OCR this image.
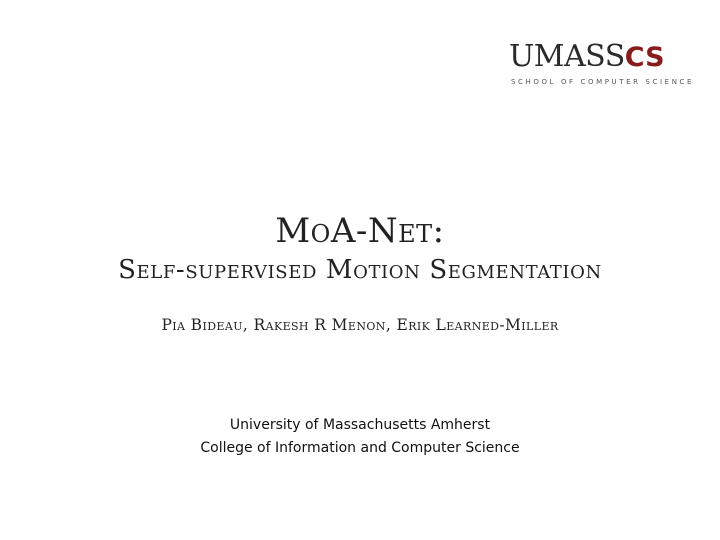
UMASSCS
SCHOOL OF COMPUTER SCIENCE
MoA-Net:
Self-supervised Motion Segmentation
Pia Bideau, Rakesh R Menon, Erik Learned-Miller
University of Massachusetts Amherst
College of Information and Computer Science
